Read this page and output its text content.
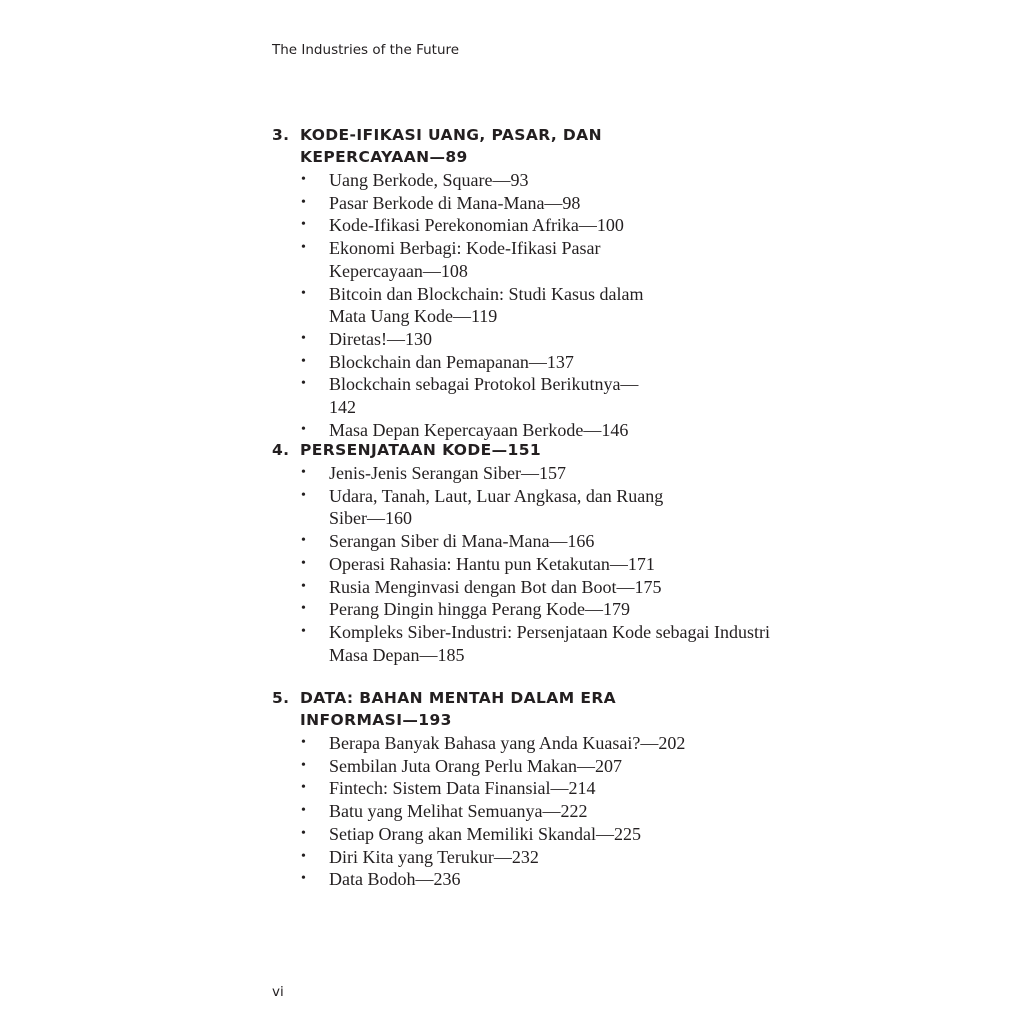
The Industries of the Future
3. KODE-IFIKASI UANG, PASAR, DAN KEPERCAYAAN—89
• Uang Berkode, Square—93
• Pasar Berkode di Mana-Mana—98
• Kode-Ifikasi Perekonomian Afrika—100
• Ekonomi Berbagi: Kode-Ifikasi Pasar Kepercayaan—108
• Bitcoin dan Blockchain: Studi Kasus dalam Mata Uang Kode—119
• Diretas!—130
• Blockchain dan Pemapanan—137
• Blockchain sebagai Protokol Berikutnya—142
• Masa Depan Kepercayaan Berkode—146
4. PERSENJATAAN KODE—151
• Jenis-Jenis Serangan Siber—157
• Udara, Tanah, Laut, Luar Angkasa, dan Ruang Siber—160
• Serangan Siber di Mana-Mana—166
• Operasi Rahasia: Hantu pun Ketakutan—171
• Rusia Menginvasi dengan Bot dan Boot—175
• Perang Dingin hingga Perang Kode—179
• Kompleks Siber-Industri: Persenjataan Kode sebagai Industri Masa Depan—185
5. DATA: BAHAN MENTAH DALAM ERA INFORMASI—193
• Berapa Banyak Bahasa yang Anda Kuasai?—202
• Sembilan Juta Orang Perlu Makan—207
• Fintech: Sistem Data Finansial—214
• Batu yang Melihat Semuanya—222
• Setiap Orang akan Memiliki Skandal—225
• Diri Kita yang Terukur—232
• Data Bodoh—236
vi
